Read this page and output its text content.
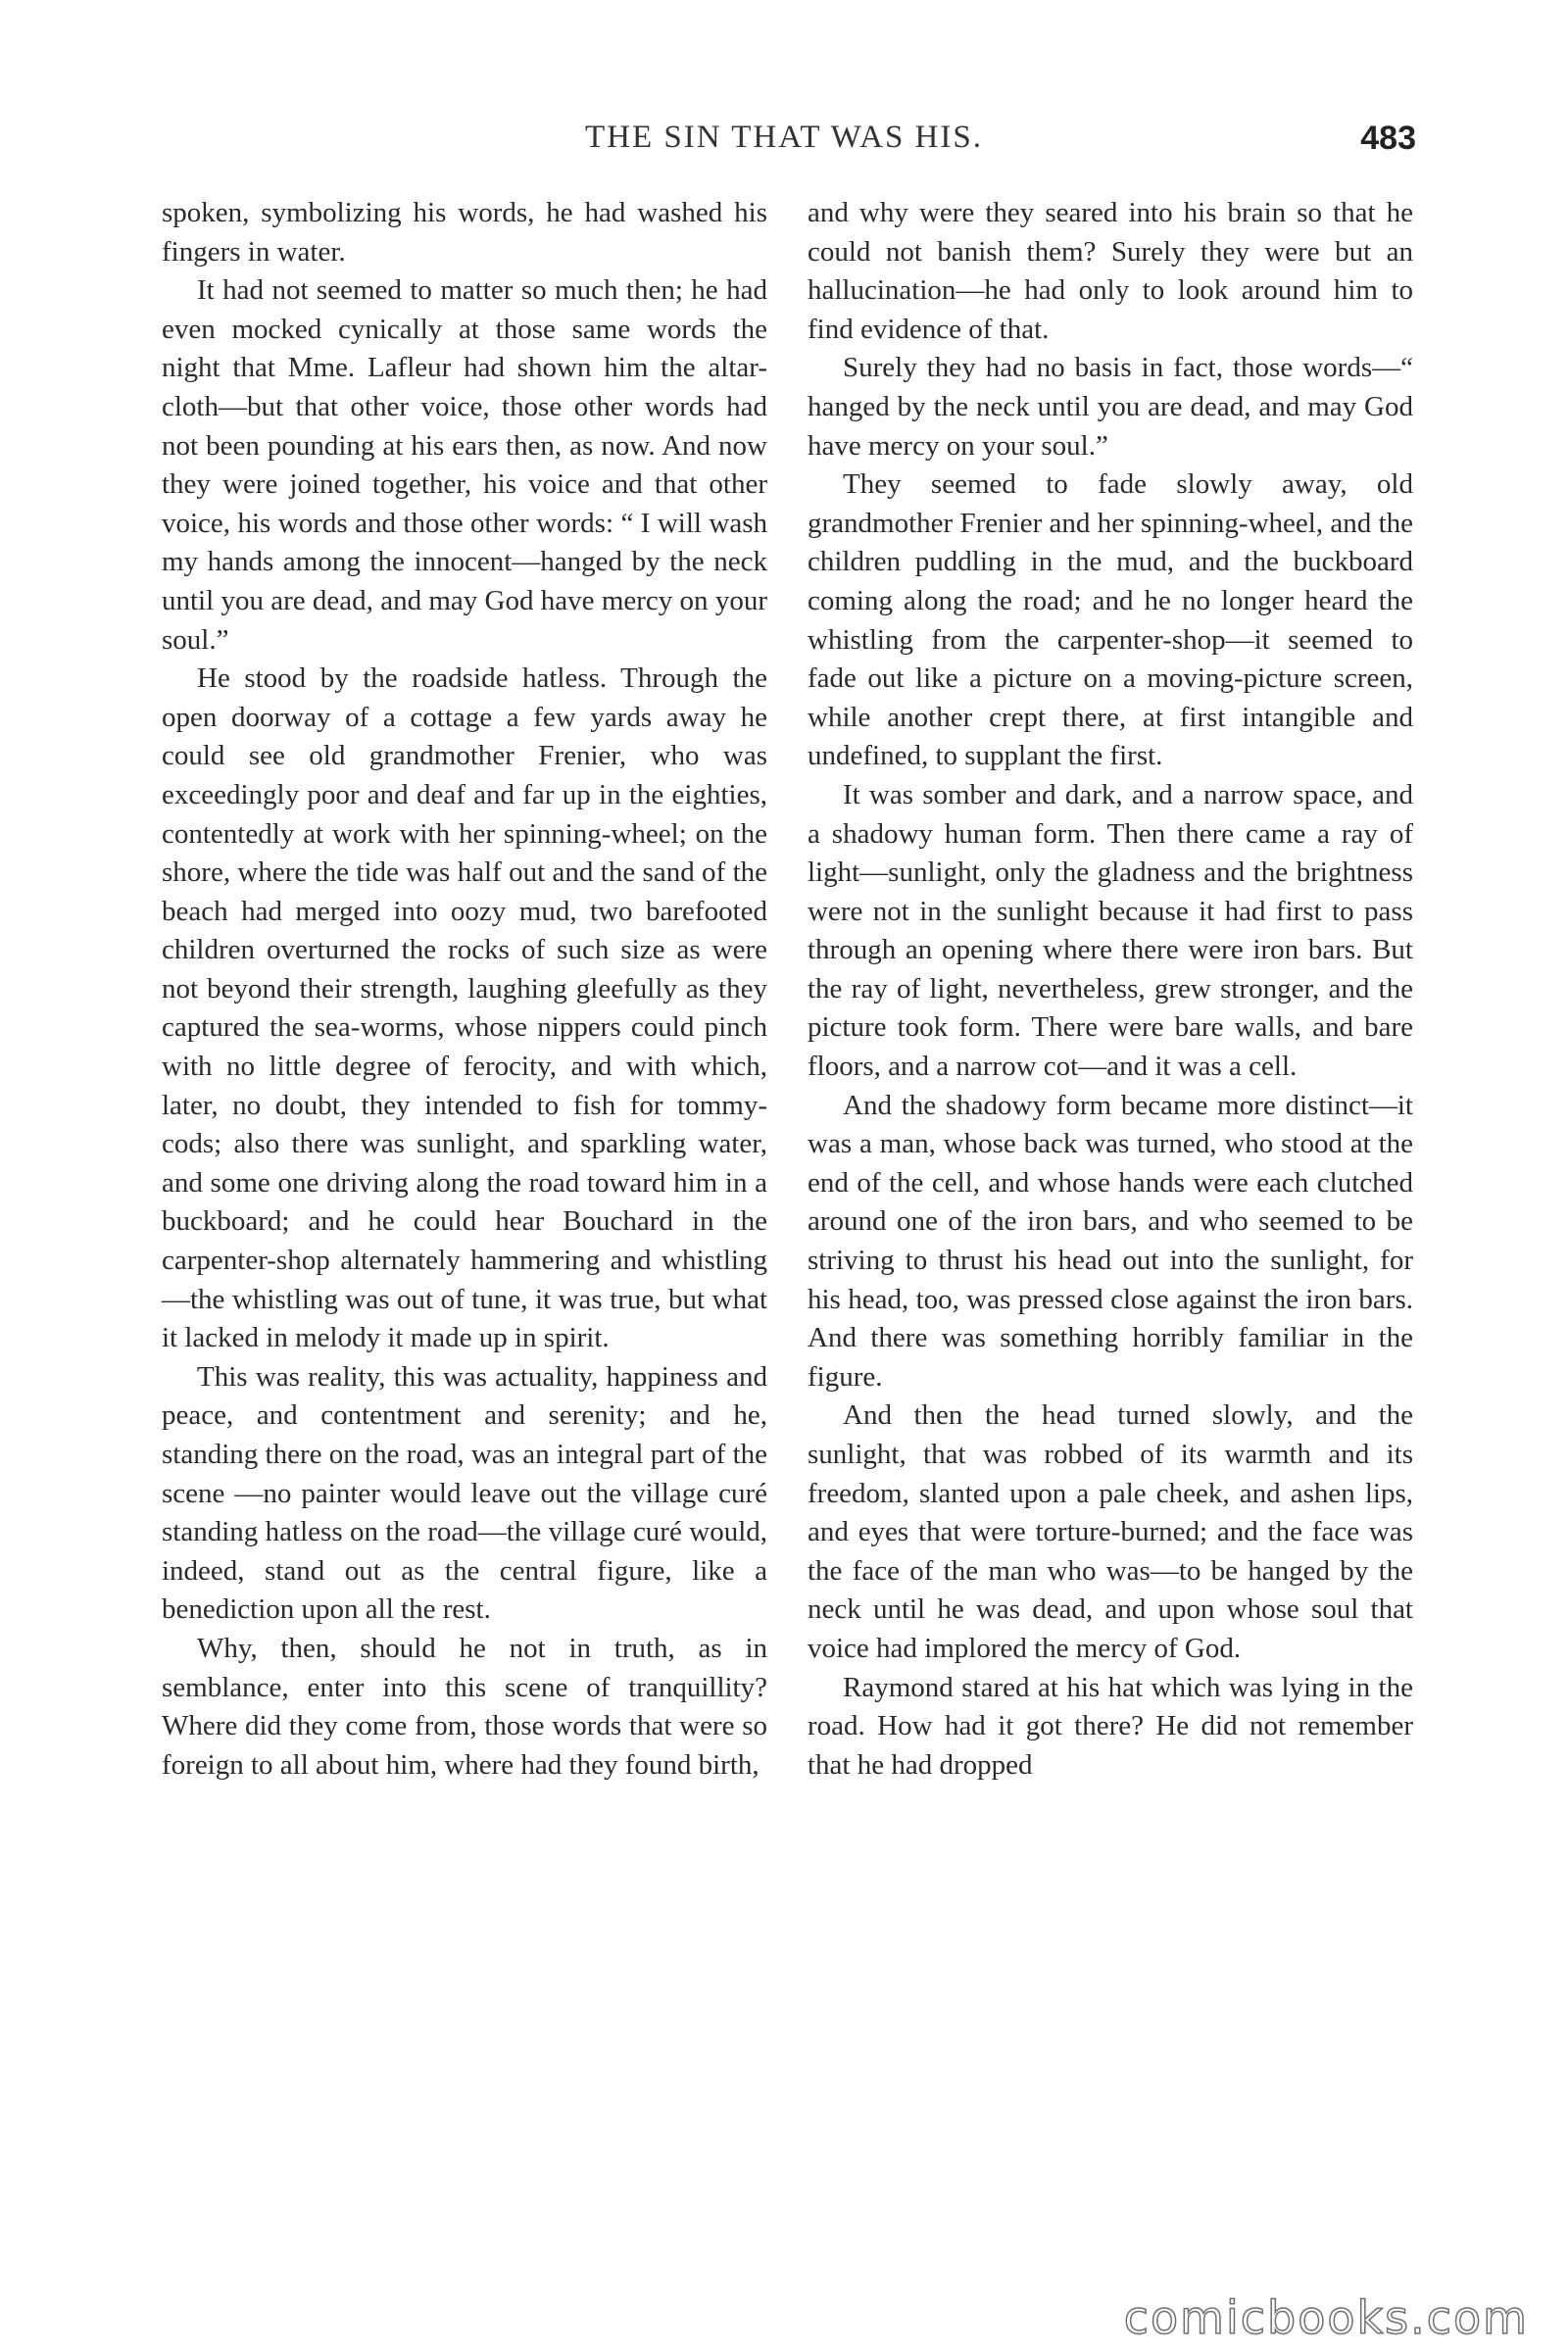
THE SIN THAT WAS HIS.	483

spoken, symbolizing his words, he had washed his fingers in water.

It had not seemed to matter so much then; he had even mocked cynically at those same words the night that Mme. Lafleur had shown him the altar-cloth—but that other voice, those other words had not been pounding at his ears then, as now. And now they were joined together, his voice and that other voice, his words and those other words: “ I will wash my hands among the innocent—hanged by the neck until you are dead, and may God have mercy on your soul.”

He stood by the roadside hatless. Through the open doorway of a cottage a few yards away he could see old grandmother Frenier, who was exceedingly poor and deaf and far up in the eighties, contentedly at work with her spinning-wheel; on the shore, where the tide was half out and the sand of the beach had merged into oozy mud, two barefooted children overturned the rocks of such size as were not beyond their strength, laughing gleefully as they captured the sea-worms, whose nippers could pinch with no little degree of ferocity, and with which, later, no doubt, they intended to fish for tommy-cods; also there was sunlight, and sparkling water, and some one driving along the road toward him in a buckboard; and he could hear Bouchard in the carpenter-shop alternately hammering and whistling—the whistling was out of tune, it was true, but what it lacked in melody it made up in spirit.

This was reality, this was actuality, happiness and peace, and contentment and serenity; and he, standing there on the road, was an integral part of the scene —no painter would leave out the village curé standing hatless on the road—the village curé would, indeed, stand out as the central figure, like a benediction upon all the rest.

Why, then, should he not in truth, as in semblance, enter into this scene of tranquillity? Where did they come from, those words that were so foreign to all about him, where had they found birth,

and why were they seared into his brain so that he could not banish them? Surely they were but an hallucination—he had only to look around him to find evidence of that.

Surely they had no basis in fact, those words—“ hanged by the neck until you are dead, and may God have mercy on your soul.”

They seemed to fade slowly away, old grandmother Frenier and her spinning-wheel, and the children puddling in the mud, and the buckboard coming along the road; and he no longer heard the whistling from the carpenter-shop—it seemed to fade out like a picture on a moving-picture screen, while another crept there, at first intangible and undefined, to supplant the first.

It was somber and dark, and a narrow space, and a shadowy human form. Then there came a ray of light—sunlight, only the gladness and the brightness were not in the sunlight because it had first to pass through an opening where there were iron bars. But the ray of light, nevertheless, grew stronger, and the picture took form. There were bare walls, and bare floors, and a narrow cot—and it was a cell.

And the shadowy form became more distinct—it was a man, whose back was turned, who stood at the end of the cell, and whose hands were each clutched around one of the iron bars, and who seemed to be striving to thrust his head out into the sunlight, for his head, too, was pressed close against the iron bars. And there was something horribly familiar in the figure.

And then the head turned slowly, and the sunlight, that was robbed of its warmth and its freedom, slanted upon a pale cheek, and ashen lips, and eyes that were torture-burned; and the face was the face of the man who was—to be hanged by the neck until he was dead, and upon whose soul that voice had implored the mercy of God.

Raymond stared at his hat which was lying in the road. How had it got there? He did not remember that he had dropped

comicbooks.com
